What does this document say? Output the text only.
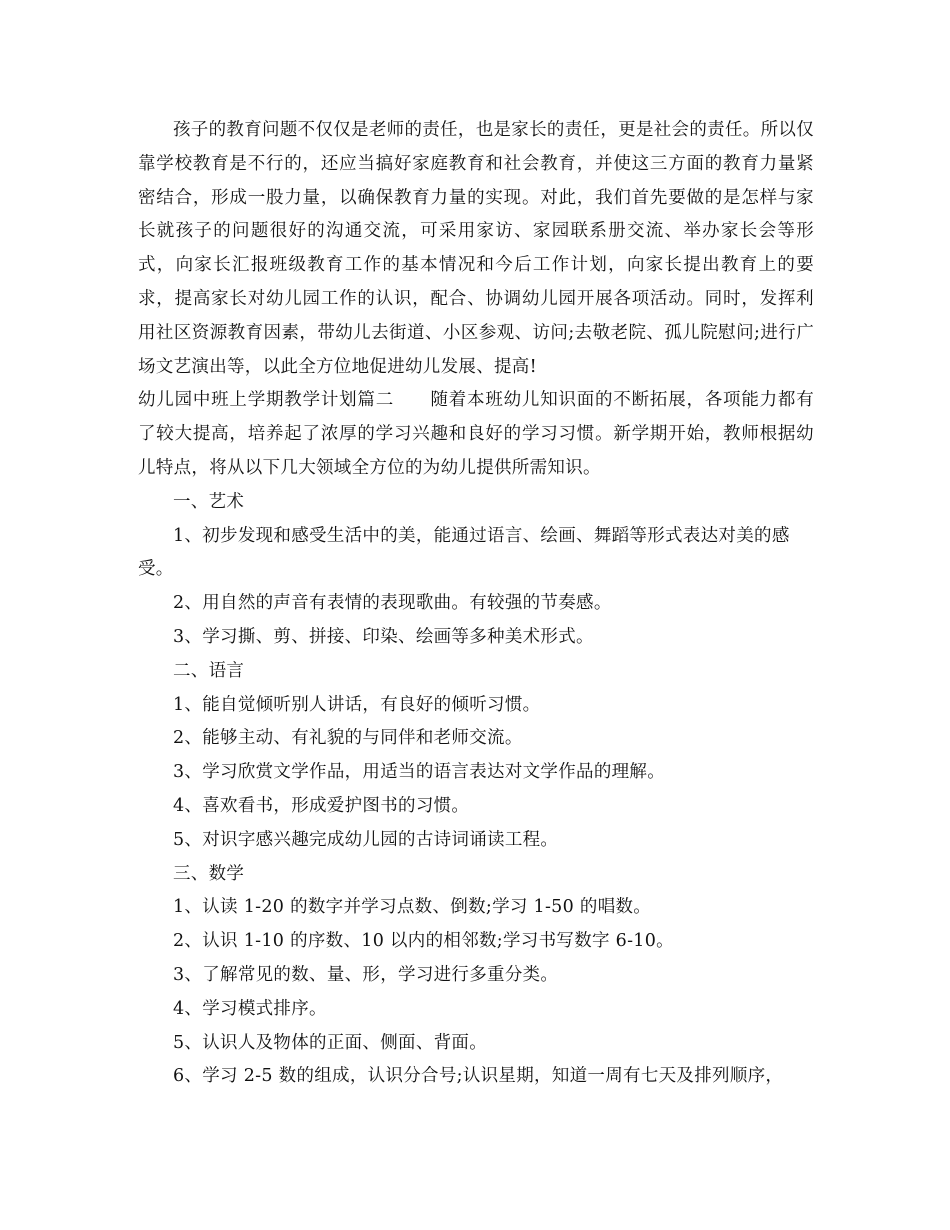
孩子的教育问题不仅仅是老师的责任，也是家长的责任，更是社会的责任。所以仅靠学校教育是不行的，还应当搞好家庭教育和社会教育，并使这三方面的教育力量紧密结合，形成一股力量，以确保教育力量的实现。对此，我们首先要做的是怎样与家长就孩子的问题很好的沟通交流，可采用家访、家园联系册交流、举办家长会等形式，向家长汇报班级教育工作的基本情况和今后工作计划，向家长提出教育上的要求，提高家长对幼儿园工作的认识，配合、协调幼儿园开展各项活动。同时，发挥利用社区资源教育因素，带幼儿去街道、小区参观、访问;去敬老院、孤儿院慰问;进行广场文艺演出等，以此全方位地促进幼儿发展、提高!

幼儿园中班上学期教学计划篇二 随着本班幼儿知识面的不断拓展，各项能力都有了较大提高，培养起了浓厚的学习兴趣和良好的学习习惯。新学期开始，教师根据幼儿特点，将从以下几大领域全方位的为幼儿提供所需知识。

一、艺术

1、初步发现和感受生活中的美，能通过语言、绘画、舞蹈等形式表达对美的感受。

2、用自然的声音有表情的表现歌曲。有较强的节奏感。

3、学习撕、剪、拼接、印染、绘画等多种美术形式。

二、语言

1、能自觉倾听别人讲话，有良好的倾听习惯。

2、能够主动、有礼貌的与同伴和老师交流。

3、学习欣赏文学作品，用适当的语言表达对文学作品的理解。

4、喜欢看书，形成爱护图书的习惯。

5、对识字感兴趣完成幼儿园的古诗词诵读工程。

三、数学

1、认读 1-20 的数字并学习点数、倒数;学习 1-50 的唱数。

2、认识 1-10 的序数、10 以内的相邻数;学习书写数字 6-10。

3、了解常见的数、量、形，学习进行多重分类。

4、学习模式排序。

5、认识人及物体的正面、侧面、背面。

6、学习 2-5 数的组成，认识分合号;认识星期，知道一周有七天及排列顺序，
